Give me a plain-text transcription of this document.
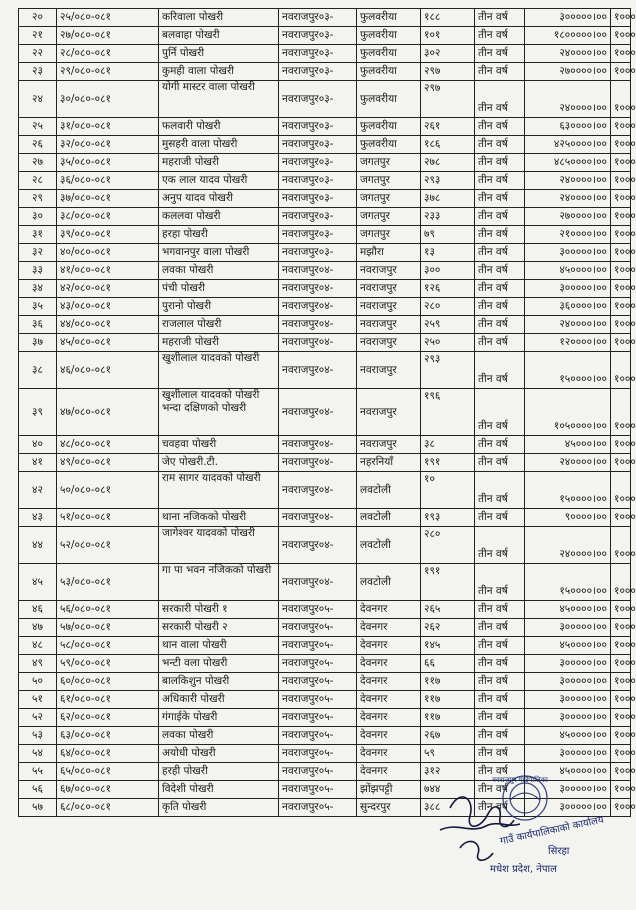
२०	२५/०८०-०८१	करिवाला पोखरी	नवराजपुर०३-	फुलवरीया	१८८	तीन वर्ष	३०००००।००	१०००
२१	२७/०८०-०८१	बलवाहा पोखरी	नवराजपुर०३-	फुलवरीया	१०१	तीन वर्ष	१८०००००।००	१०००
२२	२८/०८०-०८१	पुर्नि पोखरी	नवराजपुर०३-	फुलवरीया	३०२	तीन वर्ष	२४००००।००	१०००
२३	२९/०८०-०८१	कुमही वाला पोखरी	नवराजपुर०३-	फुलवरीया	२९७	तीन वर्ष	२७००००।००	१०००
२४	३०/०८०-०८१	योगी मास्टर वाला पोखरी	नवराजपुर०३-	फुलवरीया	२९७	तीन वर्ष	२४००००।००	१०००
२५	३१/०८०-०८१	फलवारी पोखरी	नवराजपुर०३-	फुलवरीया	२६१	तीन वर्ष	६३००००।००	१०००
२६	३२/०८०-०८१	मुसहरी वाला पोखरी	नवराजपुर०३-	फुलवरीया	१८६	तीन वर्ष	४२५००००।००	१०००
२७	३५/०८०-०८१	महराजी पोखरी	नवराजपुर०३-	जगतपुर	२७८	तीन वर्ष	४८५००००।००	१०००
२८	३६/०८०-०८१	एक लाल यादव पोखरी	नवराजपुर०३-	जगतपुर	२९३	तीन वर्ष	२४००००।००	१०००
२९	३७/०८०-०८१	अनुप यादव पोखरी	नवराजपुर०३-	जगतपुर	३७८	तीन वर्ष	२४००००।००	१०००
३०	३८/०८०-०८१	कललवा पोखरी	नवराजपुर०३-	जगतपुर	२३३	तीन वर्ष	२७००००।००	१०००
३१	३९/०८०-०८१	हरहा पोखरी	नवराजपुर०३-	जगतपुर	७९	तीन वर्ष	२१००००।००	१०००
३२	४०/०८०-०८१	भगवानपुर वाला पोखरी	नवराजपुर०३-	मझौरा	१३	तीन वर्ष	३०००००।००	१०००
३३	४१/०८०-०८१	लवका पोखरी	नवराजपुर०४-	नवराजपुर	३००	तीन वर्ष	४५००००।००	१०००
३४	४२/०८०-०८१	पंची पोखरी	नवराजपुर०४-	नवराजपुर	१२६	तीन वर्ष	३०००००।००	१०००
३५	४३/०८०-०८१	पुरानो पोखरी	नवराजपुर०४-	नवराजपुर	२८०	तीन वर्ष	३६००००।००	१०००
३६	४४/०८०-०८१	राजलाल पोखरी	नवराजपुर०४-	नवराजपुर	२५९	तीन वर्ष	२४००००।००	१०००
३७	४५/०८०-०८१	महराजी पोखरी	नवराजपुर०४-	नवराजपुर	२५०	तीन वर्ष	१२००००।००	१०००
३८	४६/०८०-०८१	खुशीलाल यादवको पोखरी	नवराजपुर०४-	नवराजपुर	२९३	तीन वर्ष	१५००००।००	१०००
३९	४७/०८०-०८१	खुशीलाल यादवको पोखरी भन्दा दक्षिणको पोखरी	नवराजपुर०४-	नवराजपुर	१९६	तीन वर्ष	१०५००००।००	१०००
४०	४८/०८०-०८१	चवहवा पोखरी	नवराजपुर०४-	नवराजपुर	३८	तीन वर्ष	४५०००।००	१०००
४१	४९/०८०-०८१	जेए पोखरी.टी.	नवराजपुर०४-	नहरनियाँ	१९१	तीन वर्ष	२४००००।००	१०००
४२	५०/०८०-०८१	राम सागर यादवको पोखरी	नवराजपुर०४-	लवटोली	१०	तीन वर्ष	१५००००।००	१०००
४३	५१/०८०-०८१	थाना नजिकको पोखरी	नवराजपुर०४-	लवटोली	१९३	तीन वर्ष	९००००।००	१०००
४४	५२/०८०-०८१	जागेश्वर यादवको पोखरी	नवराजपुर०४-	लवटोली	२८०	तीन वर्ष	२४००००।००	१०००
४५	५३/०८०-०८१	गा पा भवन नजिकको पोखरी	नवराजपुर०४-	लवटोली	१९१	तीन वर्ष	१५००००।००	१०००
४६	५६/०८०-०८१	सरकारी पोखरी १	नवराजपुर०५-	देवनगर	२६५	तीन वर्ष	४५००००।००	१०००
४७	५७/०८०-०८१	सरकारी पोखरी २	नवराजपुर०५-	देवनगर	२६२	तीन वर्ष	३०००००।००	१०००
४८	५८/०८०-०८१	थान वाला पोखरी	नवराजपुर०५-	देवनगर	१४५	तीन वर्ष	४५००००।००	१०००
४९	५९/०८०-०८१	भन्टी वला पोखरी	नवराजपुर०५-	देवनगर	६६	तीन वर्ष	३०००००।००	१०००
५०	६०/०८०-०८१	बालकिशुन पोखरी	नवराजपुर०५-	देवनगर	११७	तीन वर्ष	३०००००।००	१०००
५१	६१/०८०-०८१	अधिकारी पोखरी	नवराजपुर०५-	देवनगर	११७	तीन वर्ष	३०००००।००	१०००
५२	६२/०८०-०८१	गंगाईके पोखरी	नवराजपुर०५-	देवनगर	११७	तीन वर्ष	३०००००।००	१०००
५३	६३/०८०-०८१	लवका पोखरी	नवराजपुर०५-	देवनगर	२६७	तीन वर्ष	४५००००।००	१०००
५४	६४/०८०-०८१	अयोधी पोखरी	नवराजपुर०५-	देवनगर	५९	तीन वर्ष	३०००००।००	१०००
५५	६५/०८०-०८१	हरही पोखरी	नवराजपुर०५-	देवनगर	३१२	तीन वर्ष	४५००००।००	१०००
५६	६७/०८०-०८१	विदेशी पोखरी	नवराजपुर०५-	झोंझपट्टी	७४४	तीन वर्ष	३०००००।००	१०००
५७	६८/०८०-०८१	कृति पोखरी	नवराजपुर०५-	सुन्दरपुर	३८८	तीन वर्ष	३०००००।००	१०००
गाउँ कार्यपालिकाको कार्यालय
सिरहा
मधेश प्रदेश, नेपाल
नवराजपुर गाउँपालिका
